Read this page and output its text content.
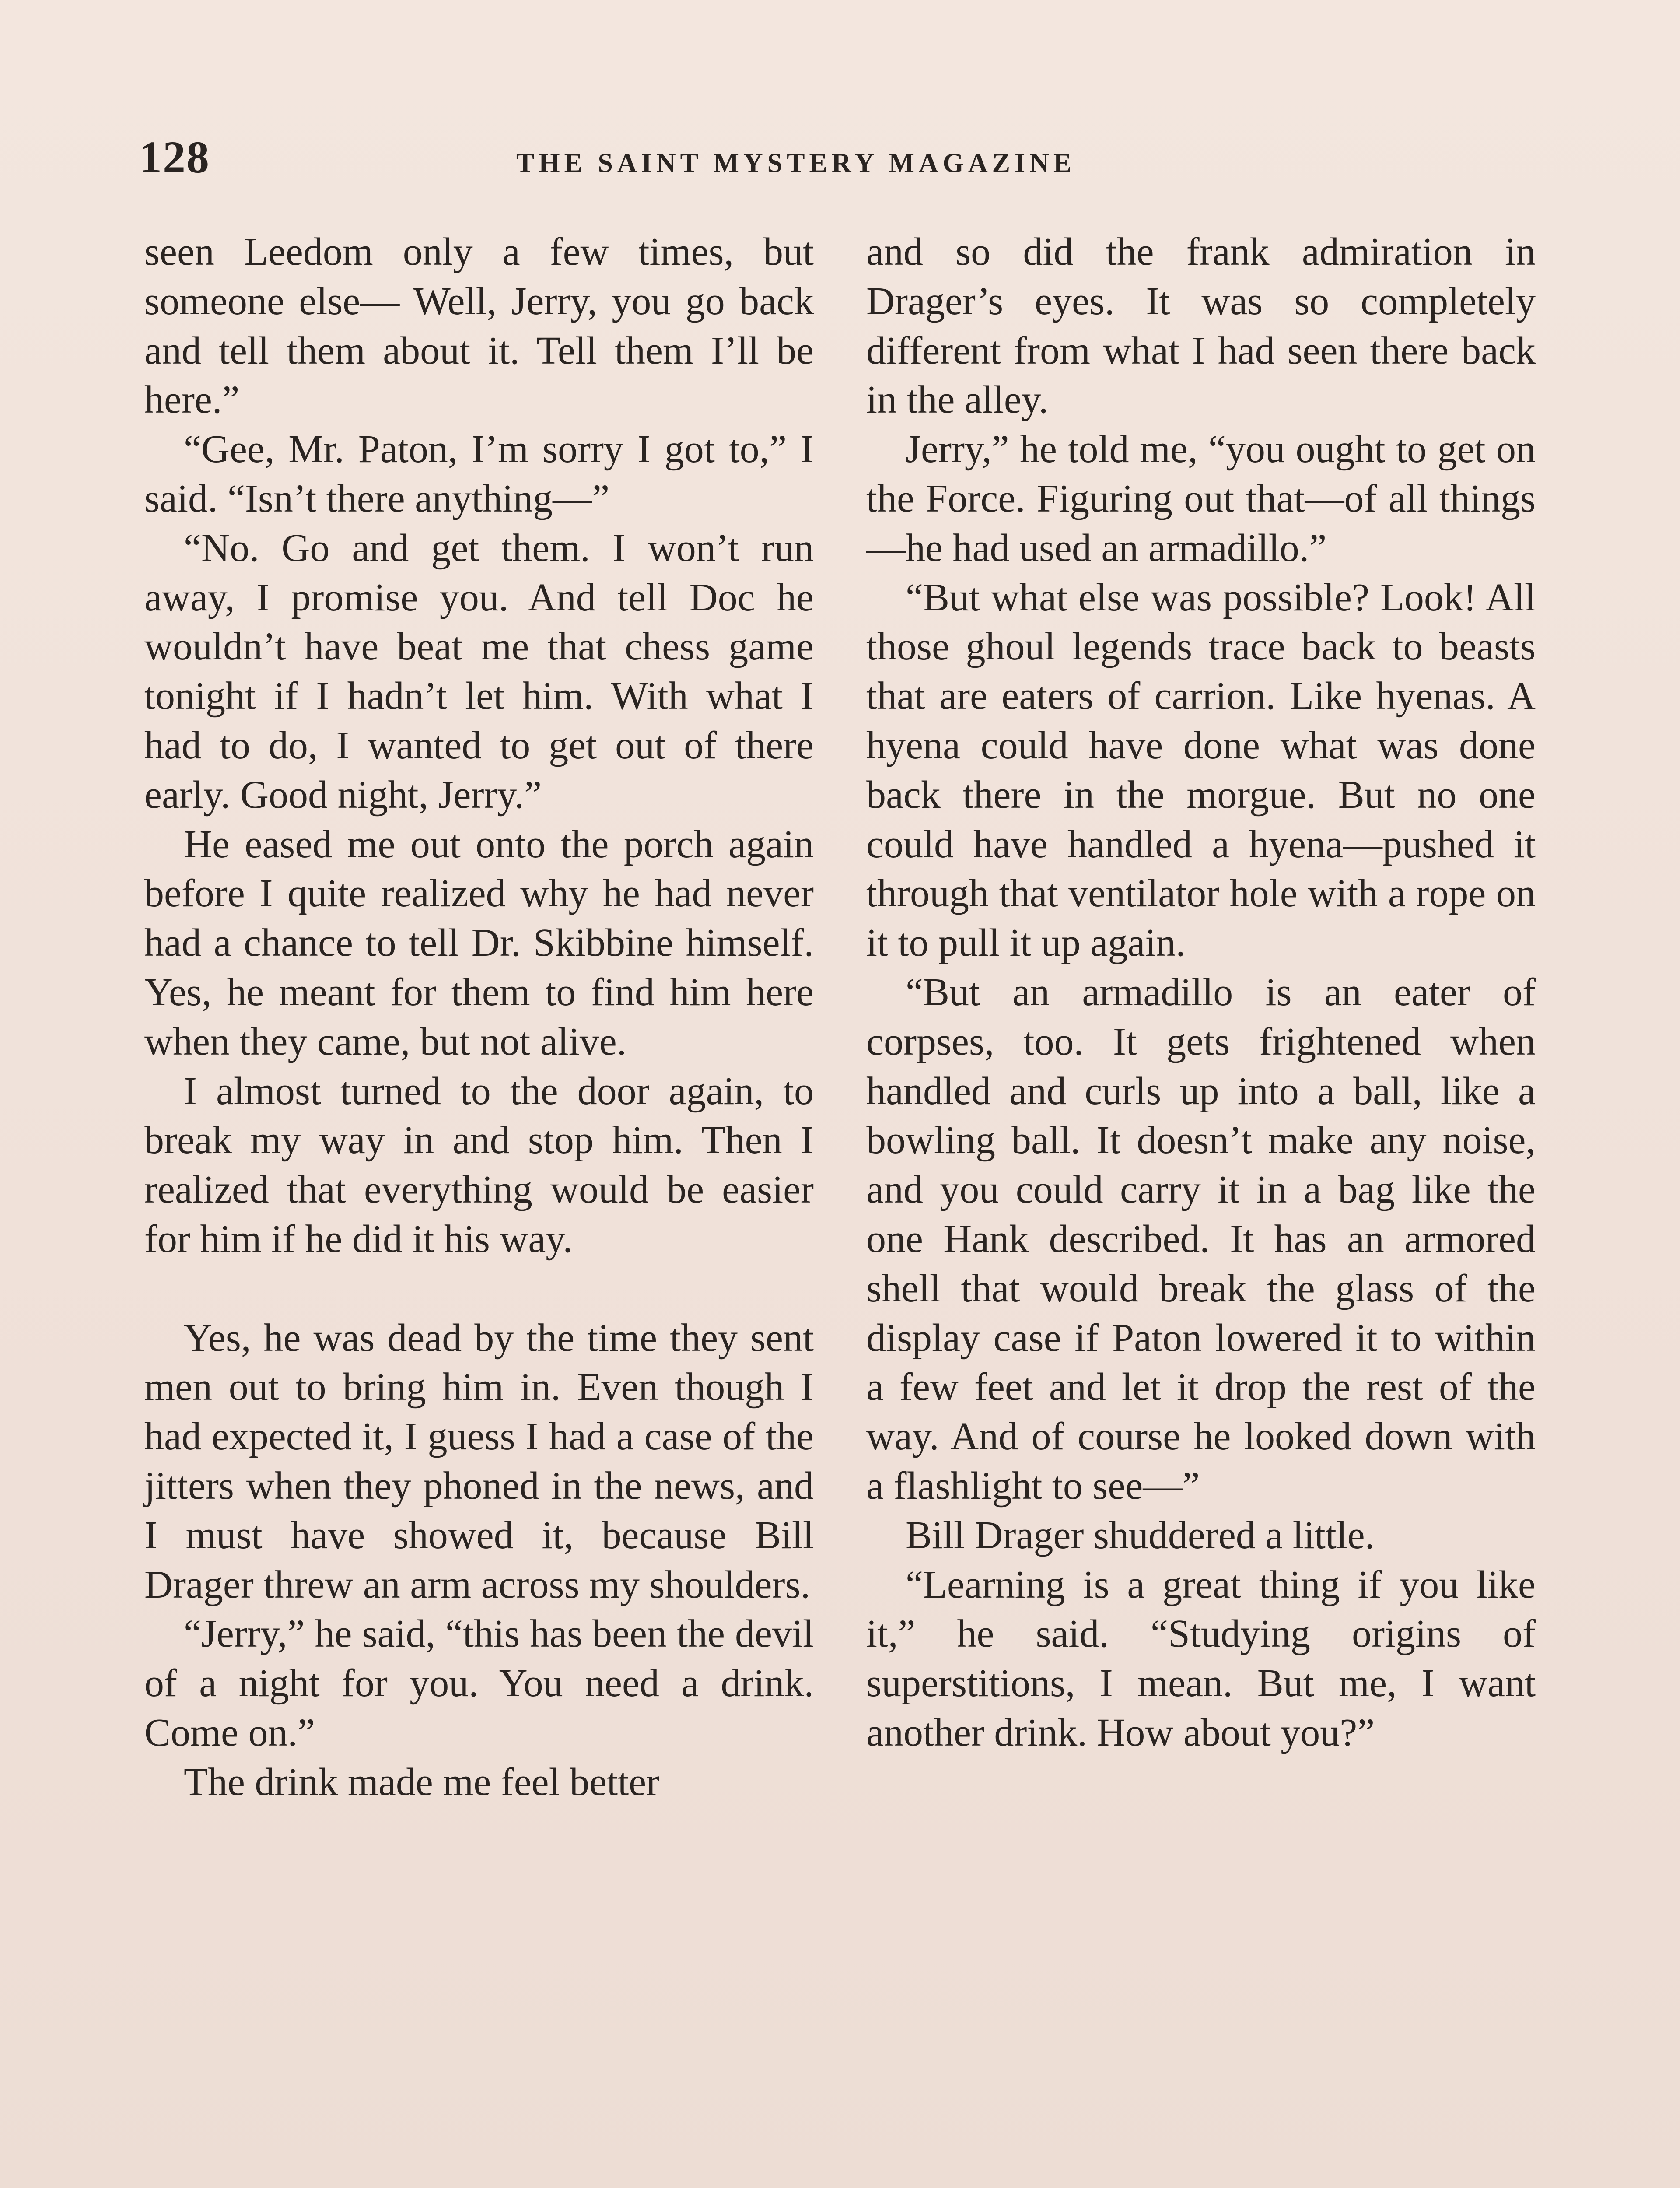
128	THE SAINT MYSTERY MAGAZINE

seen Leedom only a few times, but someone else— Well, Jerry, you go back and tell them about it. Tell them I’ll be here.”

“Gee, Mr. Paton, I’m sorry I got to,” I said. “Isn’t there anything—”

“No. Go and get them. I won’t run away, I promise you. And tell Doc he wouldn’t have beat me that chess game tonight if I hadn’t let him. With what I had to do, I wanted to get out of there early. Good night, Jerry.”

He eased me out onto the porch again before I quite realized why he had never had a chance to tell Dr. Skibbine himself. Yes, he meant for them to find him here when they came, but not alive.

I almost turned to the door again, to break my way in and stop him. Then I realized that everything would be easier for him if he did it his way.

Yes, he was dead by the time they sent men out to bring him in. Even though I had expected it, I guess I had a case of the jitters when they phoned in the news, and I must have showed it, because Bill Drager threw an arm across my shoulders.

“Jerry,” he said, “this has been the devil of a night for you. You need a drink. Come on.”

The drink made me feel better

and so did the frank admiration in Drager’s eyes. It was so completely different from what I had seen there back in the alley.

Jerry,” he told me, “you ought to get on the Force. Figuring out that—of all things—he had used an armadillo.”

“But what else was possible? Look! All those ghoul legends trace back to beasts that are eaters of carrion. Like hyenas. A hyena could have done what was done back there in the morgue. But no one could have handled a hyena—pushed it through that ventilator hole with a rope on it to pull it up again.

“But an armadillo is an eater of corpses, too. It gets frightened when handled and curls up into a ball, like a bowling ball. It doesn’t make any noise, and you could carry it in a bag like the one Hank described. It has an armored shell that would break the glass of the display case if Paton lowered it to within a few feet and let it drop the rest of the way. And of course he looked down with a flashlight to see—”

Bill Drager shuddered a little.

“Learning is a great thing if you like it,” he said. “Studying origins of superstitions, I mean. But me, I want another drink. How about you?”
